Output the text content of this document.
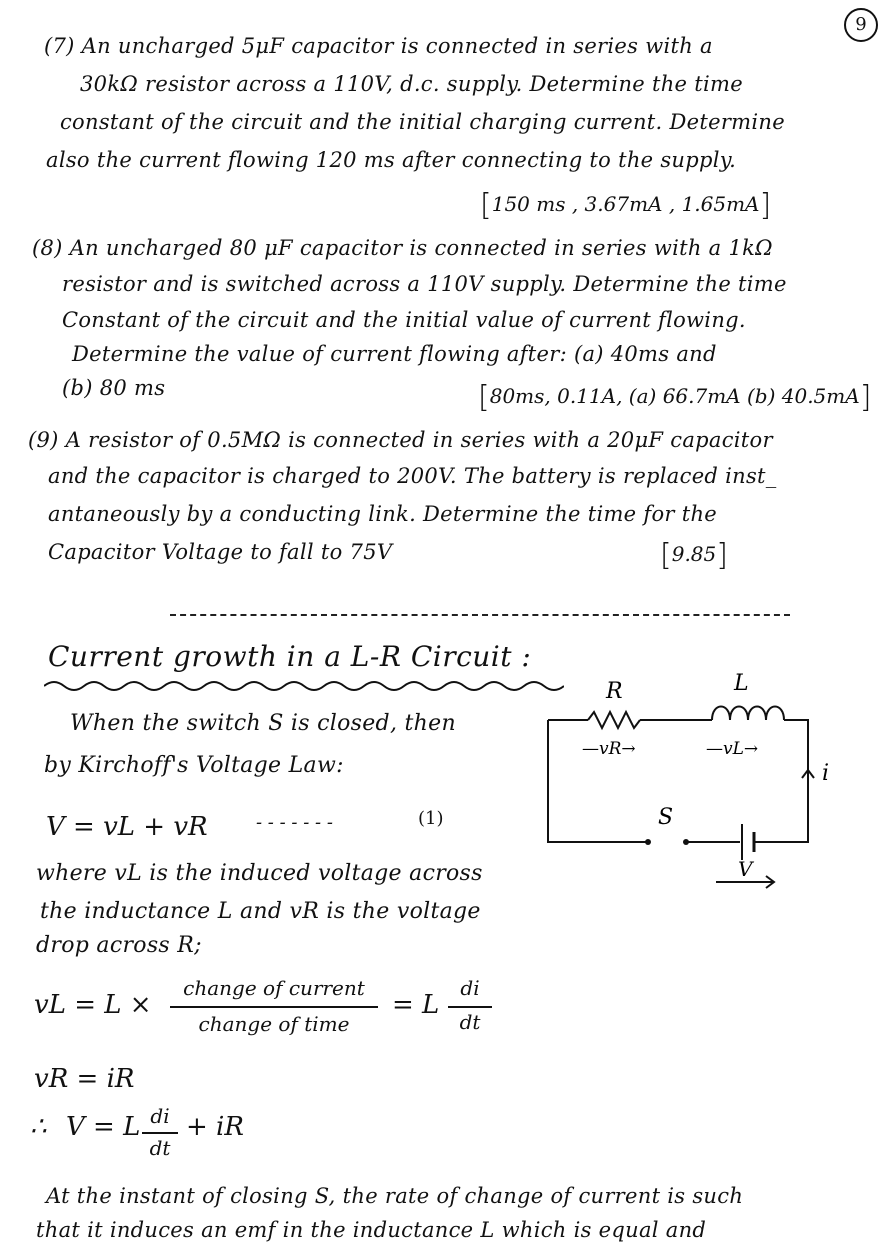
9
(7) An uncharged 5μF capacitor is connected in series with a
30kΩ resistor across a 110V, d.c. supply. Determine the time
constant of the circuit and the initial charging current. Determine
also the current flowing 120 ms after connecting to the supply.
[150 ms , 3.67mA , 1.65mA]
(8) An uncharged 80 μF capacitor is connected in series with a 1kΩ
resistor and is switched across a 110V supply. Determine the time
Constant of the circuit and the initial value of current flowing.
Determine the value of current flowing after: (a) 40ms and
(b) 80 ms	[80ms, 0.11A, (a) 66.7mA (b) 40.5mA]
(9) A resistor of 0.5MΩ is connected in series with a 20μF capacitor
and the capacitor is charged to 200V. The battery is replaced inst_
antaneously by a conducting link. Determine the time for the
Capacitor Voltage to fall to 75V	[9.85]
Current growth in a L-R Circuit :
When the switch S is closed, then
by Kirchoff's Voltage Law:
V = vL + vR	- - - - - - -	(1)
where vL is the induced voltage across
the inductance L and vR is the voltage
drop across R;
vL = L ×
change of current
change of time
= L
di
dt
vR = iR
∴ V = L di
dt
+ iR
At the instant of closing S, the rate of change of current is such
that it induces an emf in the inductance L which is equal and
R	L
—vR→	—vL→
i
S
V
